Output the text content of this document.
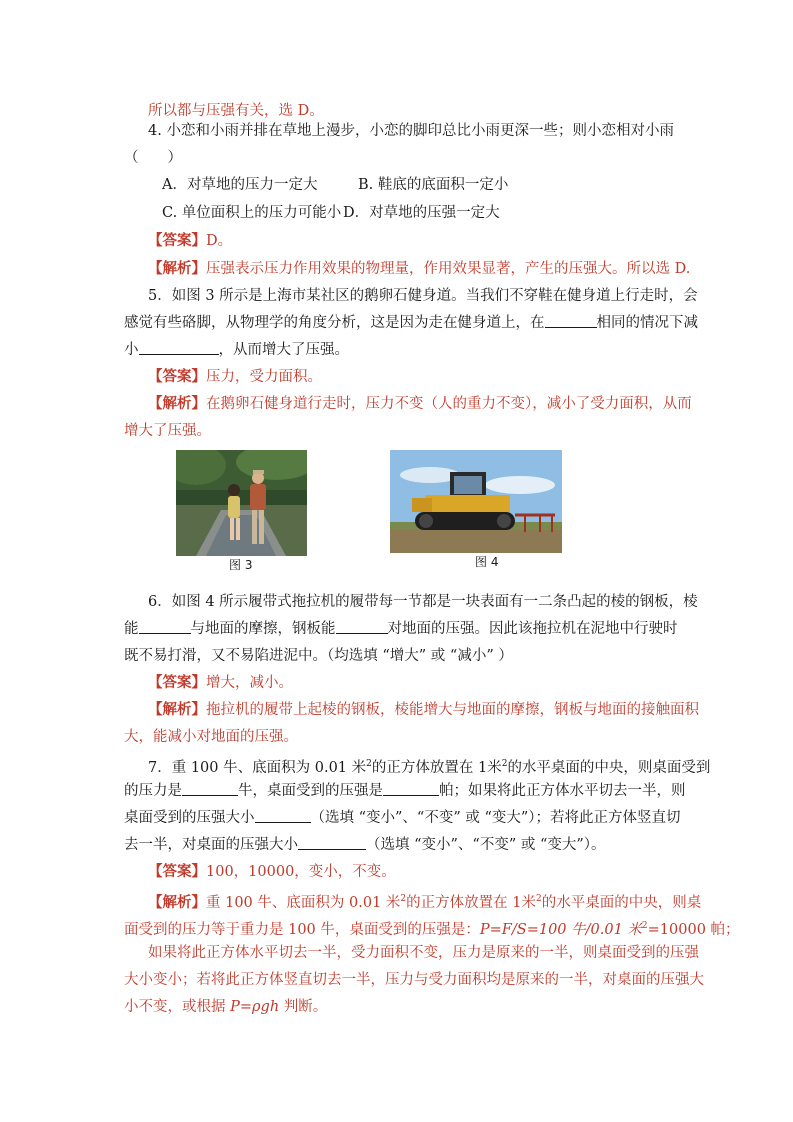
所以都与压强有关，选 D。
4. 小恋和小雨并排在草地上漫步，小恋的脚印总比小雨更深一些；则小恋相对小雨
（　　）
A．对草地的压力一定大	B. 鞋底的底面积一定小
C. 单位面积上的压力可能小 D．对草地的压强一定大
【答案】D。
【解析】压强表示压力作用效果的物理量，作用效果显著，产生的压强大。所以选 D.
5．如图 3 所示是上海市某社区的鹅卵石健身道。当我们不穿鞋在健身道上行走时，会
感觉有些硌脚，从物理学的角度分析，这是因为走在健身道上，在	相同的情况下减
小	，从而增大了压强。
【答案】压力，受力面积。
【解析】在鹅卵石健身道行走时，压力不变（人的重力不变），减小了受力面积，从而
增大了压强。
图 3	图 4
6．如图 4 所示履带式拖拉机的履带每一节都是一块表面有一二条凸起的棱的钢板，棱
能	与地面的摩擦，钢板能	对地面的压强。因此该拖拉机在泥地中行驶时
既不易打滑，又不易陷进泥中。（均选填 “增大” 或 “减小” ）
【答案】增大，减小。
【解析】拖拉机的履带上起棱的钢板，棱能增大与地面的摩擦，钢板与地面的接触面积
大，能减小对地面的压强。
7．重 100 牛、底面积为 0.01 米$^2$的正方体放置在 1米$^2$的水平桌面的中央，则桌面受到
的压力是	牛，桌面受到的压强是	帕；如果将此正方体水平切去一半，则
桌面受到的压强大小	（选填 “变小”、“不变” 或 “变大”）；若将此正方体竖直切
去一半，对桌面的压强大小	（选填 “变小”、“不变” 或 “变大”）。
【答案】100，10000，变小，不变。
【解析】重 100 牛、底面积为 0.01 米$^2$的正方体放置在 1米$^2$的水平桌面的中央，则桌
面受到的压力等于重力是 100 牛，桌面受到的压强是：P=F/S=100 牛/0.01 米$^2$=10000 帕；
如果将此正方体水平切去一半，受力面积不变，压力是原来的一半，则桌面受到的压强
大小变小；若将此正方体竖直切去一半，压力与受力面积均是原来的一半，对桌面的压强大
小不变，或根据 P=ρgh 判断。
